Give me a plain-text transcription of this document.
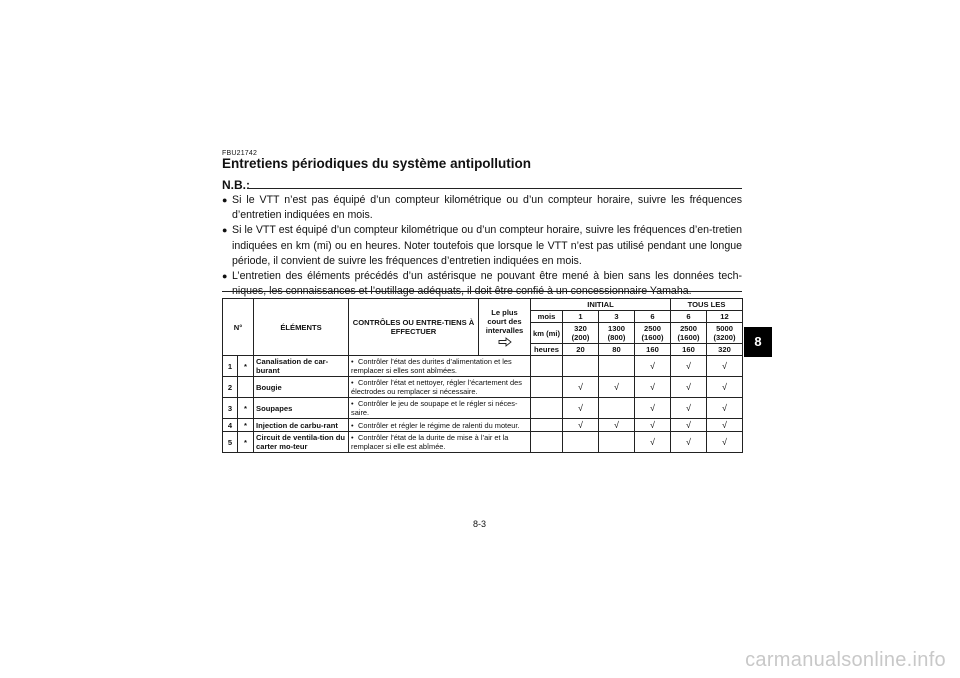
FBU21742
Entretiens périodiques du système antipollution
N.B.:
● Si le VTT n’est pas équipé d’un compteur kilométrique ou d’un compteur horaire, suivre les fréquences d’entretien indiquées en mois.
● Si le VTT est équipé d’un compteur kilométrique ou d’un compteur horaire, suivre les fréquences d’en-tretien indiquées en km (mi) ou en heures. Noter toutefois que lorsque le VTT n’est pas utilisé pendant une longue période, il convient de suivre les fréquences d’entretien indiquées en mois.
● L’entretien des éléments précédés d’un astérisque ne pouvant être mené à bien sans les données tech-niques, les connaissances et l’outillage adéquats, il doit être confié à un concessionnaire Yamaha.
N°		ÉLÉMENTS	CONTRÔLES OU ENTRE-TIENS À EFFECTUER	Le plus court des intervalles	INITIAL				TOUS LES	
					mois	1	3	6	6	12
					km (mi)	320 (200)	1300 (800)	2500 (1600)	2500 (1600)	5000 (3200)
					heures	20	80	160	160	320
1	*	Canalisation de car-burant	• Contrôler l’état des durites d’alimentation et les remplacer si elles sont abîmées.					√	√	√
2		Bougie	• Contrôler l’état et nettoyer, régler l’écartement des électrodes ou remplacer si nécessaire.			√	√	√	√	√
3	*	Soupapes	• Contrôler le jeu de soupape et le régler si néces-saire.			√		√	√	√
4	*	Injection de carbu-rant	• Contrôler et régler le régime de ralenti du moteur.			√	√	√	√	√
5	*	Circuit de ventila-tion du carter mo-teur	• Contrôler l’état de la durite de mise à l’air et la remplacer si elle est abîmée.					√	√	√
8
8-3
carmanualsonline.info
